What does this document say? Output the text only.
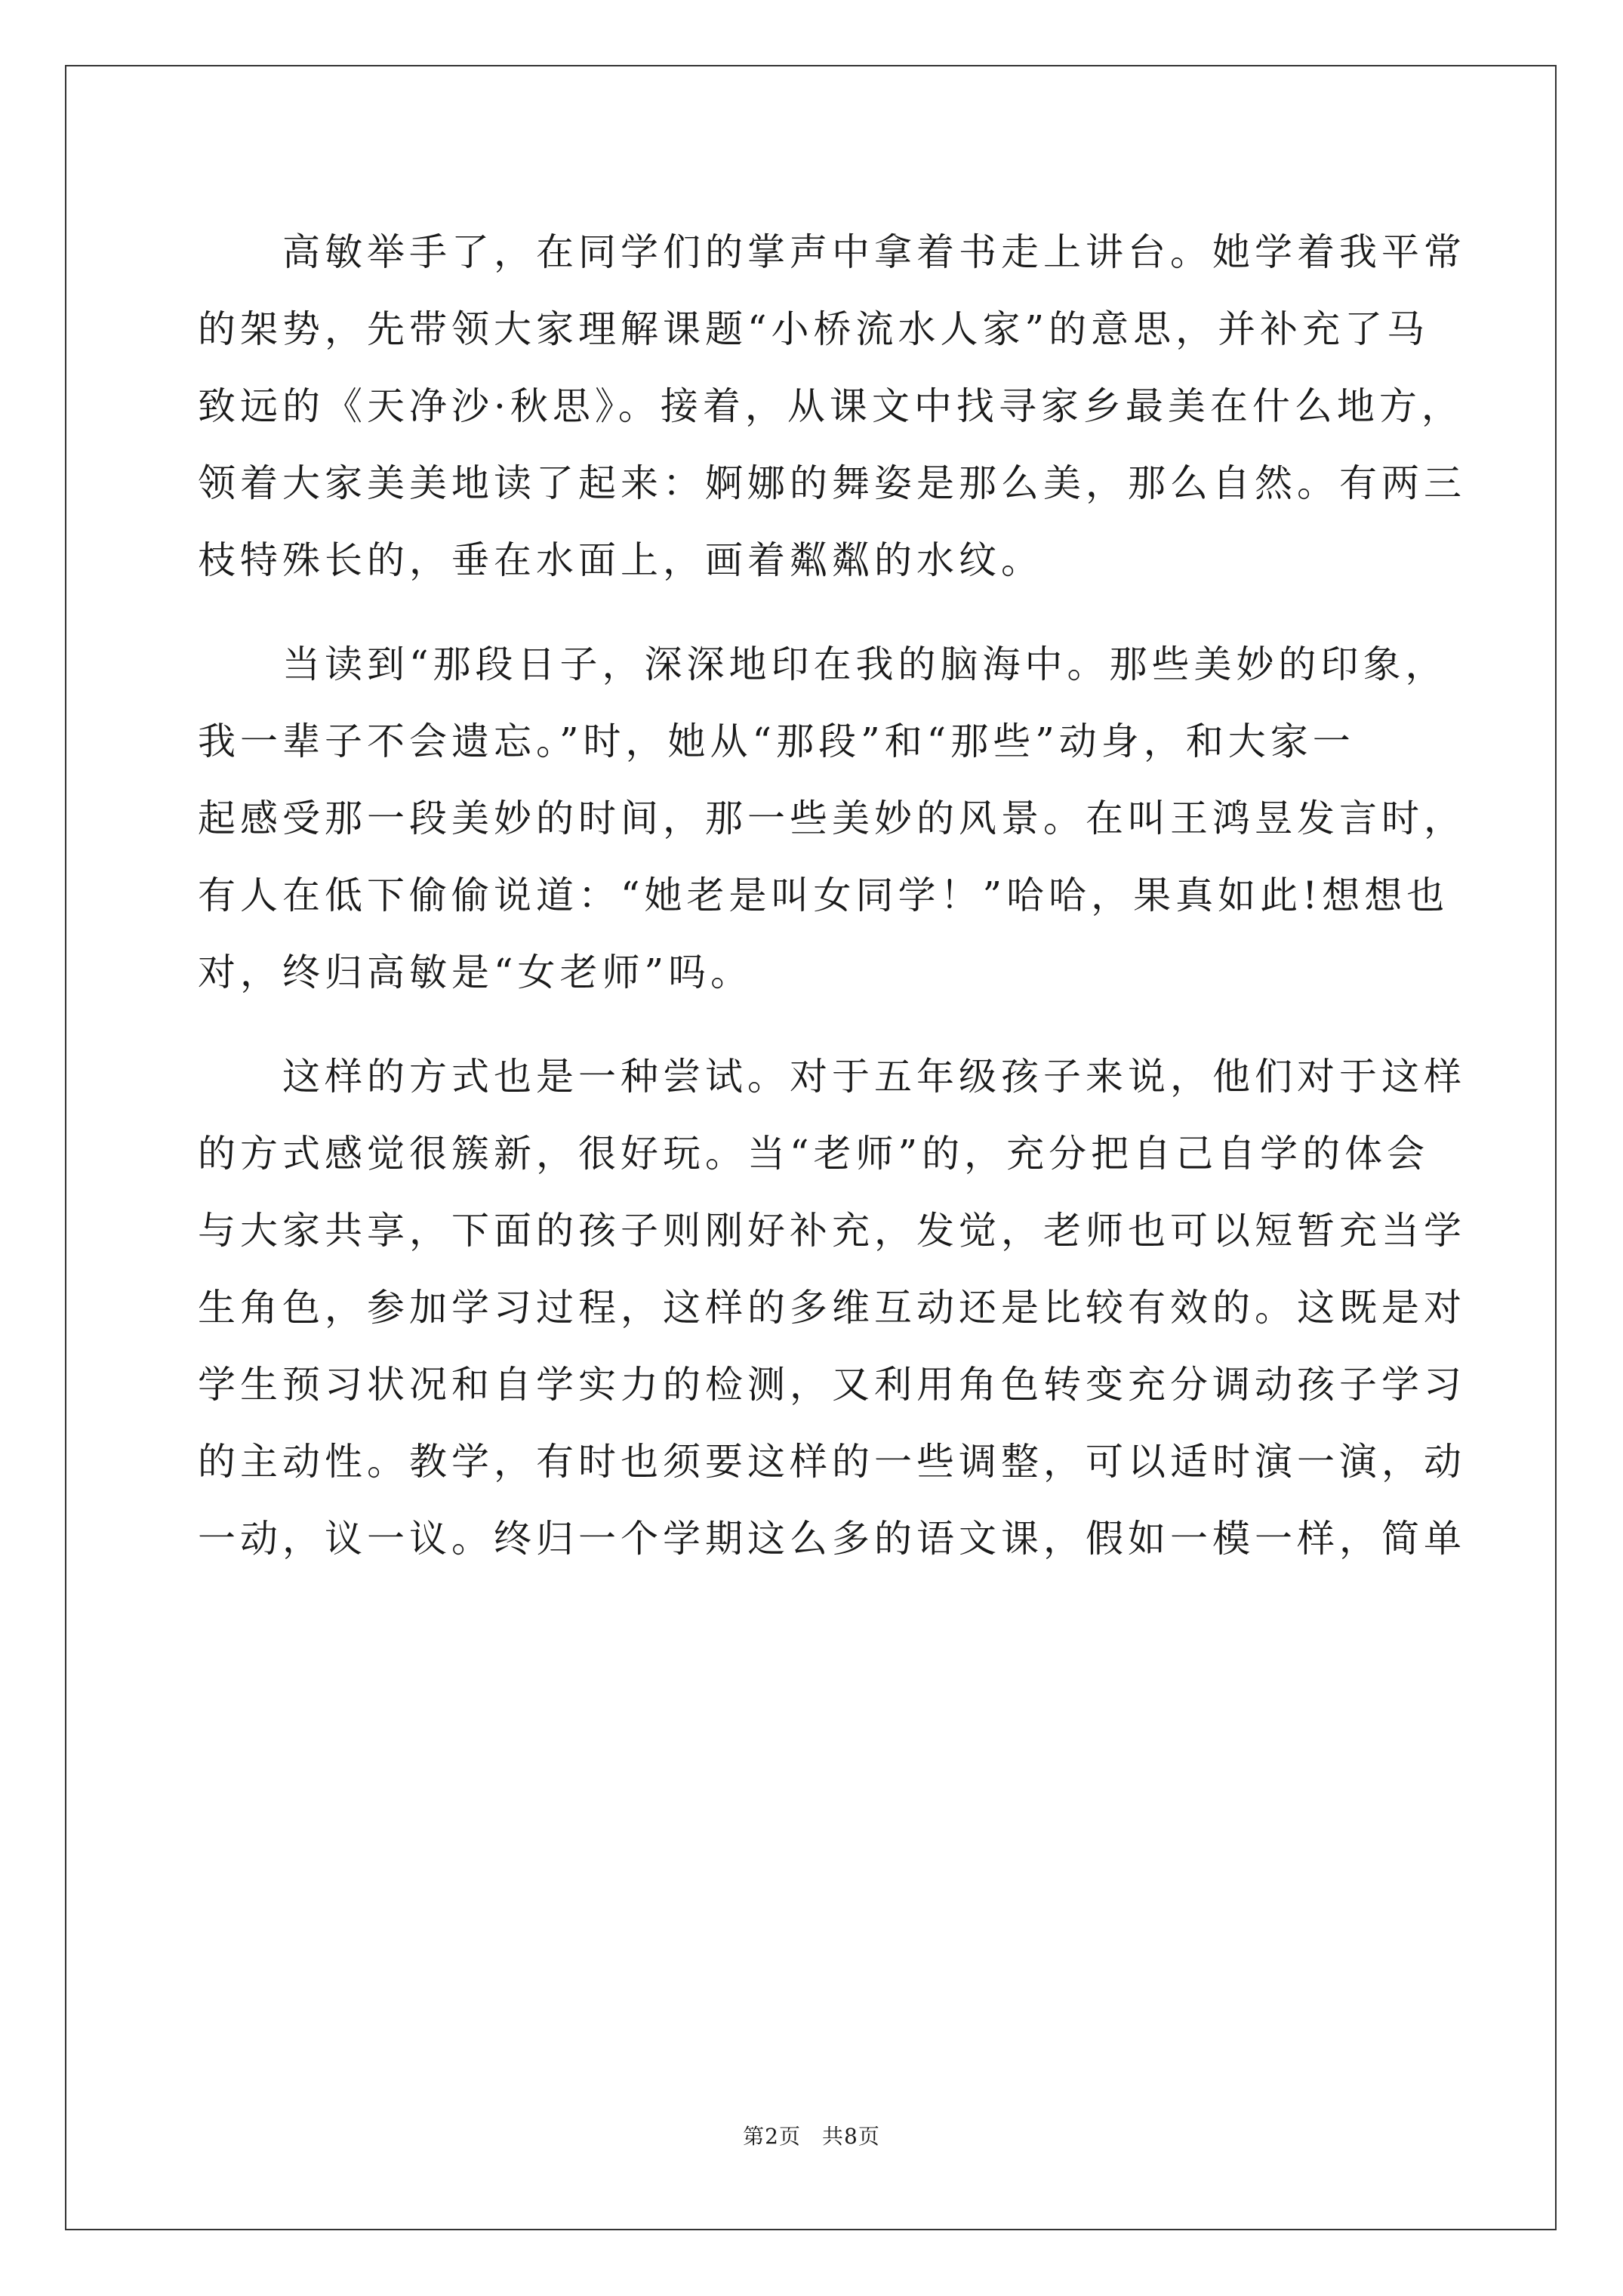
高敏举手了，在同学们的掌声中拿着书走上讲台。她学着我平常
的架势，先带领大家理解课题“小桥流水人家”的意思，并补充了马
致远的《天净沙·秋思》。接着，从课文中找寻家乡最美在什么地方，
领着大家美美地读了起来：婀娜的舞姿是那么美，那么自然。有两三
枝特殊长的，垂在水面上，画着粼粼的水纹。

当读到“那段日子，深深地印在我的脑海中。那些美妙的印象，
我一辈子不会遗忘。”时，她从“那段”和“那些”动身，和大家一
起感受那一段美妙的时间，那一些美妙的风景。在叫王鸿昱发言时，
有人在低下偷偷说道：“她老是叫女同学！”哈哈，果真如此!想想也
对，终归高敏是“女老师”吗。

这样的方式也是一种尝试。对于五年级孩子来说，他们对于这样
的方式感觉很簇新，很好玩。当“老师”的，充分把自己自学的体会
与大家共享，下面的孩子则刚好补充，发觉，老师也可以短暂充当学
生角色，参加学习过程，这样的多维互动还是比较有效的。这既是对
学生预习状况和自学实力的检测，又利用角色转变充分调动孩子学习
的主动性。教学，有时也须要这样的一些调整，可以适时演一演，动
一动，议一议。终归一个学期这么多的语文课，假如一模一样，简单

第2页 共8页
